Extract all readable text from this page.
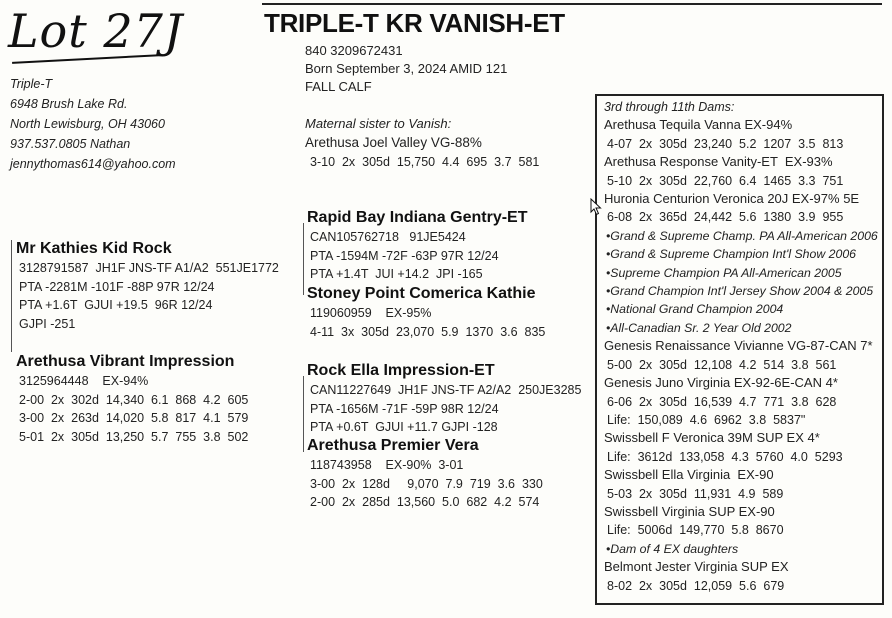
Lot 27J	TRIPLE-T KR VANISH-ET
Triple-T
6948 Brush Lake Rd.
North Lewisburg, OH 43060
937.537.0805 Nathan
jennythomas614@yahoo.com
840 3209672431
Born September 3, 2024 AMID 121
FALL CALF
Maternal sister to Vanish:
Arethusa Joel Valley VG-88%
3-10  2x  305d  15,750  4.4  695  3.7  581
Mr Kathies Kid Rock
3128791587  JH1F JNS-TF A1/A2  551JE1772
PTA -2281M -101F -88P 97R 12/24
PTA +1.6T  GJUI +19.5  96R 12/24
GJPI -251
Arethusa Vibrant Impression
3125964448    EX-94%
2-00  2x  302d  14,340  6.1  868  4.2  605
3-00  2x  263d  14,020  5.8  817  4.1  579
5-01  2x  305d  13,250  5.7  755  3.8  502
Rapid Bay Indiana Gentry-ET
CAN105762718   91JE5424
PTA -1594M -72F -63P 97R 12/24
PTA +1.4T  JUI +14.2  JPI -165
Stoney Point Comerica Kathie
119060959    EX-95%
4-11  3x  305d  23,070  5.9  1370  3.6  835
Rock Ella Impression-ET
CAN11227649  JH1F JNS-TF A2/A2  250JE3285
PTA -1656M -71F -59P 98R 12/24
PTA +0.6T  GJUI +11.7 GJPI -128
Arethusa Premier Vera
118743958    EX-90%  3-01
3-00  2x  128d     9,070  7.9  719  3.6  330
2-00  2x  285d  13,560  5.0  682  4.2  574
3rd through 11th Dams:
Arethusa Tequila Vanna EX-94%
4-07  2x  305d  23,240  5.2  1207  3.5  813
Arethusa Response Vanity-ET  EX-93%
5-10  2x  305d  22,760  6.4  1465  3.3  751
Huronia Centurion Veronica 20J EX-97% 5E
6-08  2x  365d  24,442  5.6  1380  3.9  955
•Grand & Supreme Champ. PA All-American 2006
•Grand & Supreme Champion Int'l Show 2006
•Supreme Champion PA All-American 2005
•Grand Champion Int'l Jersey Show 2004 & 2005
•National Grand Champion 2004
•All-Canadian Sr. 2 Year Old 2002
Genesis Renaissance Vivianne VG-87-CAN 7*
5-00  2x  305d  12,108  4.2  514  3.8  561
Genesis Juno Virginia EX-92-6E-CAN 4*
6-06  2x  305d  16,539  4.7  771  3.8  628
Life:  150,089  4.6  6962  3.8  5837"
Swissbell F Veronica 39M SUP EX 4*
Life:  3612d  133,058  4.3  5760  4.0  5293
Swissbell Ella Virginia  EX-90
5-03  2x  305d  11,931  4.9  589
Swissbell Virginia SUP EX-90
Life:  5006d  149,770  5.8  8670
•Dam of 4 EX daughters
Belmont Jester Virginia SUP EX
8-02  2x  305d  12,059  5.6  679
